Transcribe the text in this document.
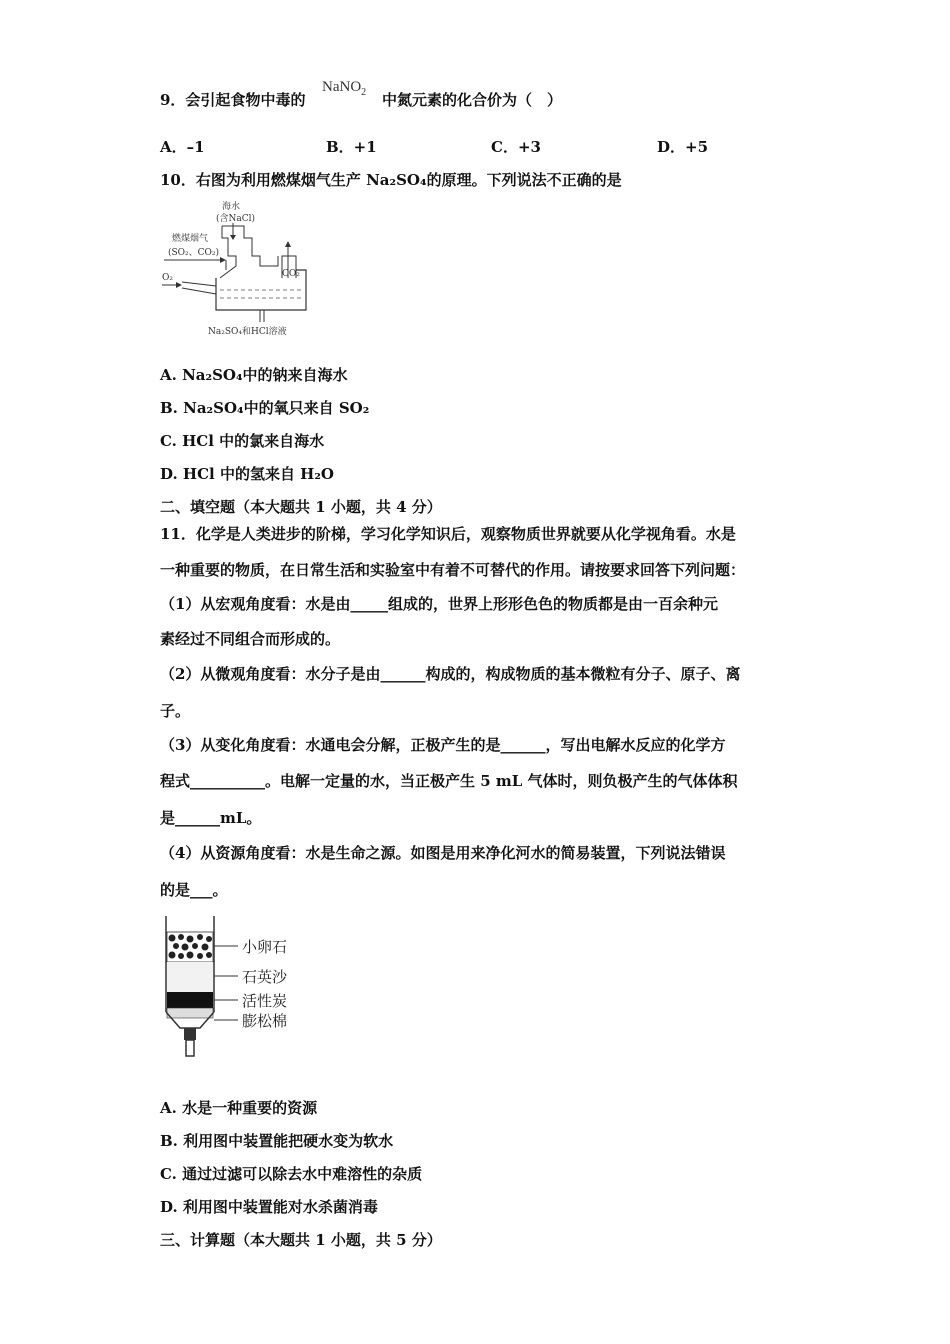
9．会引起食物中毒的
NaNO$_2$ 中氮元素的化合价为（　）
A．–1	B．+1	C．+3	D．+5
10．右图为利用燃煤烟气生产 Na₂SO₄的原理。下列说法不正确的是
海水
(含NaCl)
燃煤烟气
(SO₂、CO₂)
O₂	CO₂
Na₂SO₄和HCl溶液
A. Na₂SO₄中的钠来自海水
B. Na₂SO₄中的氧只来自 SO₂
C. HCl 中的氯来自海水
D. HCl 中的氢来自 H₂O
二、填空题（本大题共 1 小题，共 4 分）
11．化学是人类进步的阶梯，学习化学知识后，观察物质世界就要从化学视角看。水是
一种重要的物质，在日常生活和实验室中有着不可替代的作用。请按要求回答下列问题：
（1）从宏观角度看：水是由_____组成的，世界上形形色色的物质都是由一百余种元
素经过不同组合而形成的。
（2）从微观角度看：水分子是由______构成的，构成物质的基本微粒有分子、原子、离
子。
（3）从变化角度看：水通电会分解，正极产生的是______，写出电解水反应的化学方
程式__________。电解一定量的水，当正极产生 5 mL 气体时，则负极产生的气体体积
是______mL。
（4）从资源角度看：水是生命之源。如图是用来净化河水的简易装置，下列说法错误
的是___。
小卵石
石英沙
活性炭
膨松棉
A. 水是一种重要的资源
B. 利用图中装置能把硬水变为软水
C. 通过过滤可以除去水中难溶性的杂质
D. 利用图中装置能对水杀菌消毒
三、计算题（本大题共 1 小题，共 5 分）
